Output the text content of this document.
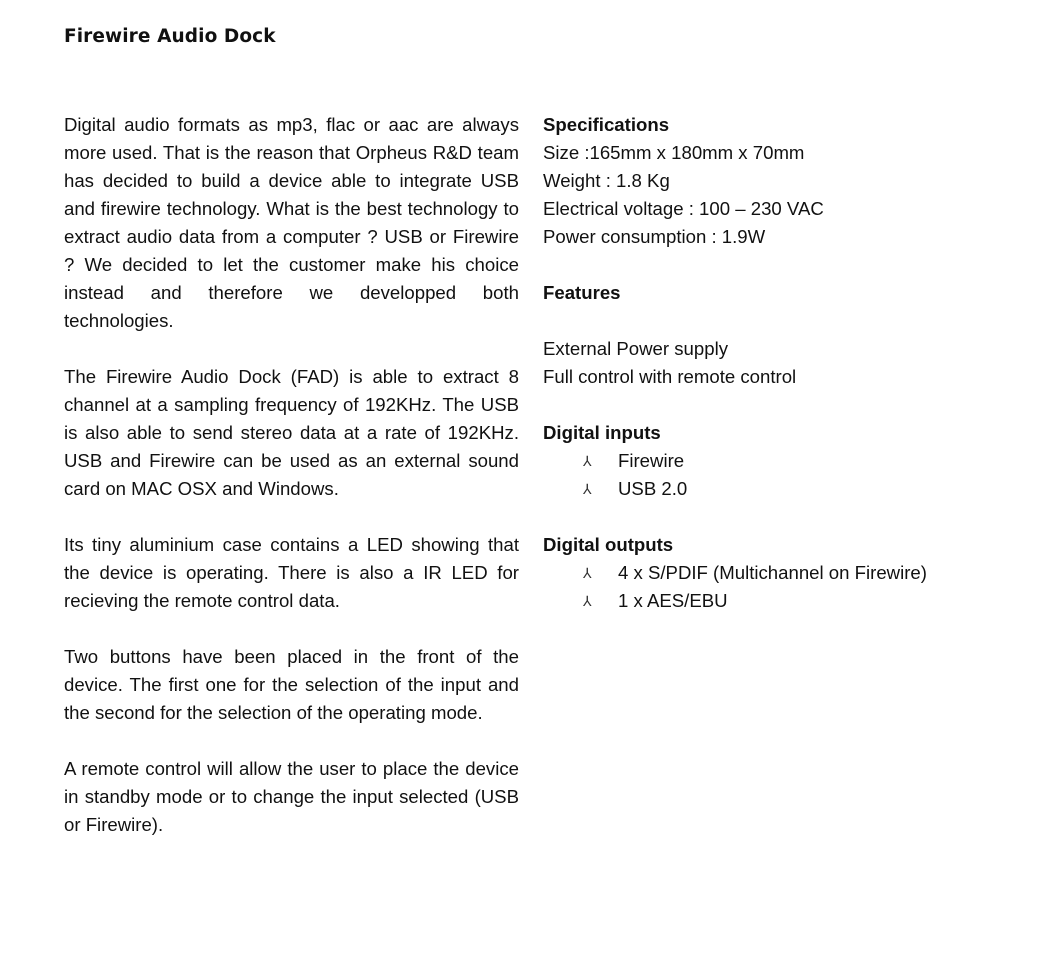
Firewire Audio Dock

Digital audio formats as mp3, flac or aac are always more used. That is the reason that Orpheus R&D team has decided to build a device able to integrate USB and firewire technology. What is the best technology to extract audio data from a computer ? USB or Firewire ? We decided to let the customer make his choice instead and therefore we developped both technologies.

The Firewire Audio Dock (FAD) is able to extract 8 channel at a sampling frequency of 192KHz. The USB is also able to send stereo data at a rate of 192KHz. USB and Firewire can be used as an external sound card on MAC OSX and Windows.

Its tiny aluminium case contains a LED showing that the device is operating. There is also a IR LED for recieving the remote control data.

Two buttons have been placed in the front of the device. The first one for the selection of the input and the second for the selection of the operating mode.

A remote control will allow the user to place the device in standby mode or to change the input selected (USB or Firewire).

Specifications
Size :165mm x 180mm x 70mm
Weight : 1.8 Kg
Electrical voltage : 100 – 230 VAC
Power consumption : 1.9W
Features
External Power supply
Full control with remote control
Digital inputs
⅄	Firewire
⅄	USB 2.0
Digital outputs
⅄	4 x S/PDIF (Multichannel on Firewire)
⅄	1 x AES/EBU
